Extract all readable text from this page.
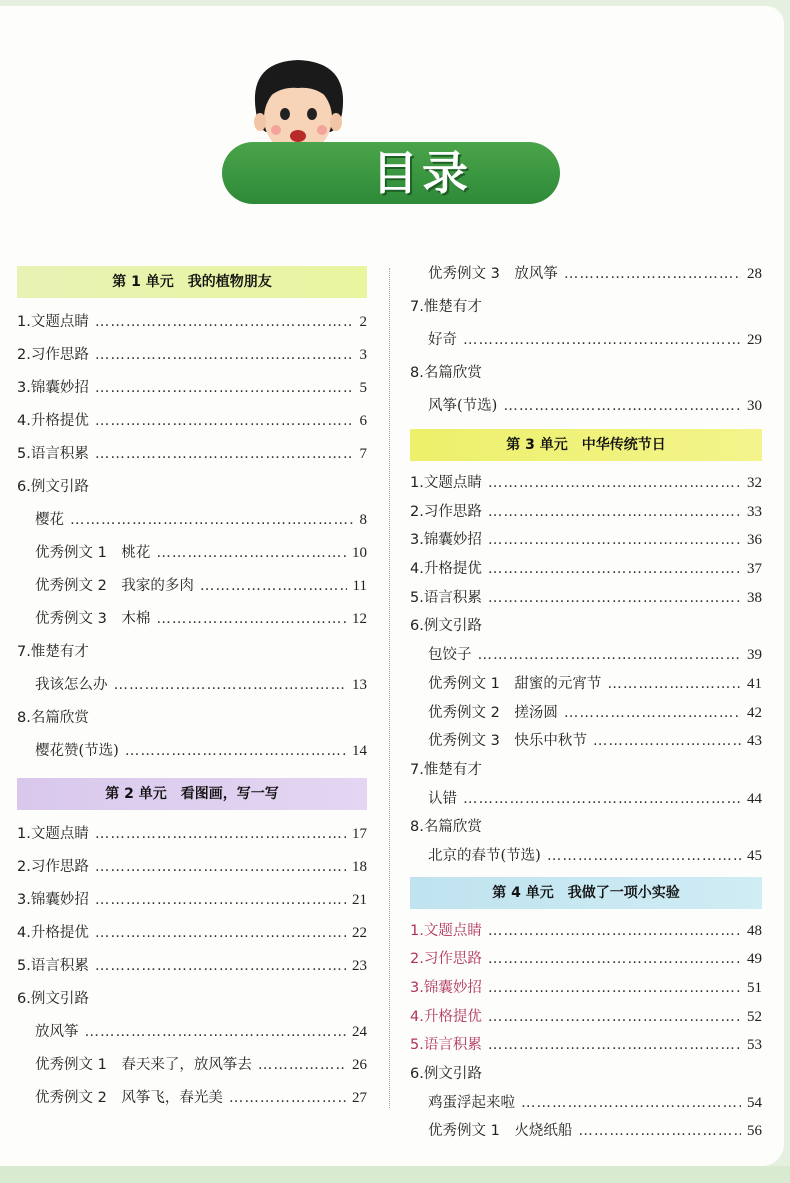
目录
第 1 单元　我的植物朋友
1.文题点睛 …………………………………………………………………………	2
2.习作思路 …………………………………………………………………………	3
3.锦囊妙招 …………………………………………………………………………	5
4.升格提优 …………………………………………………………………………	6
5.语言积累 …………………………………………………………………………	7
6.例文引路
樱花 …………………………………………………………………………	8
优秀例文 1　桃花 …………………………………………………………………………	10
优秀例文 2　我家的多肉 …………………………………………………………………………	11
优秀例文 3　木棉 …………………………………………………………………………	12
7.惟楚有才
我该怎么办 …………………………………………………………………………	13
8.名篇欣赏
樱花赞(节选) …………………………………………………………………………	14
第 2 单元　看图画，写一写
1.文题点睛 …………………………………………………………………………	17
2.习作思路 …………………………………………………………………………	18
3.锦囊妙招 …………………………………………………………………………	21
4.升格提优 …………………………………………………………………………	22
5.语言积累 …………………………………………………………………………	23
6.例文引路
放风筝 …………………………………………………………………………	24
优秀例文 1　春天来了，放风筝去 …………………………………………………………………………	26
优秀例文 2　风筝飞，春光美 …………………………………………………………………………	27
优秀例文 3　放风筝 …………………………………………………………………………	28
7.惟楚有才
好奇 …………………………………………………………………………	29
8.名篇欣赏
风筝(节选) …………………………………………………………………………	30
第 3 单元　中华传统节日
1.文题点睛 …………………………………………………………………………	32
2.习作思路 …………………………………………………………………………	33
3.锦囊妙招 …………………………………………………………………………	36
4.升格提优 …………………………………………………………………………	37
5.语言积累 …………………………………………………………………………	38
6.例文引路
包饺子 …………………………………………………………………………	39
优秀例文 1　甜蜜的元宵节 …………………………………………………………………………	41
优秀例文 2　搓汤圆 …………………………………………………………………………	42
优秀例文 3　快乐中秋节 …………………………………………………………………………	43
7.惟楚有才
认错 …………………………………………………………………………	44
8.名篇欣赏
北京的春节(节选) …………………………………………………………………………	45
第 4 单元　我做了一项小实验
1.文题点睛 …………………………………………………………………………	48
2.习作思路 …………………………………………………………………………	49
3.锦囊妙招 …………………………………………………………………………	51
4.升格提优 …………………………………………………………………………	52
5.语言积累 …………………………………………………………………………	53
6.例文引路
鸡蛋浮起来啦 …………………………………………………………………………	54
优秀例文 1　火烧纸船 …………………………………………………………………………	56
